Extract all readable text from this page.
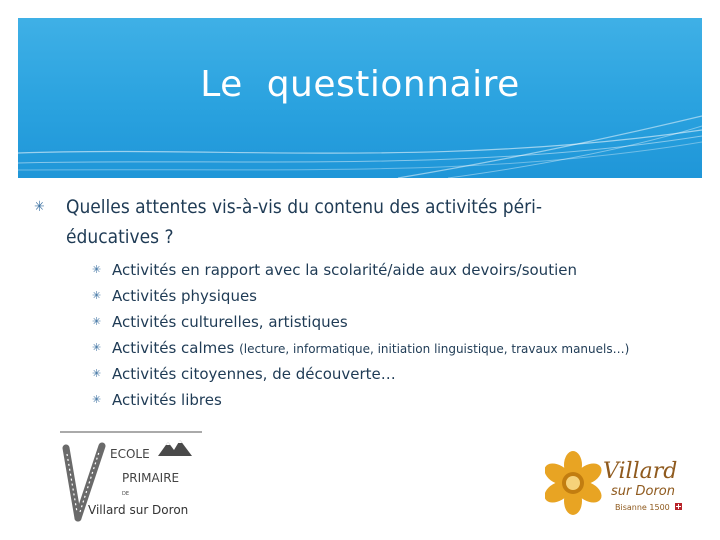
Le  questionnaire
✳	Quelles attentes vis-à-vis du contenu des activités péri-
éducatives ?
✳ Activités en rapport avec la scolarité/aide aux devoirs/soutien
✳ Activités physiques
✳ Activités culturelles, artistiques
✳ Activités calmes (lecture, informatique, initiation linguistique, travaux manuels…)
✳ Activités citoyennes, de découverte…
✳ Activités libres
ECOLE
PRIMAIRE
DE
Villard sur Doron
Villard
sur Doron
Bisanne 1500
